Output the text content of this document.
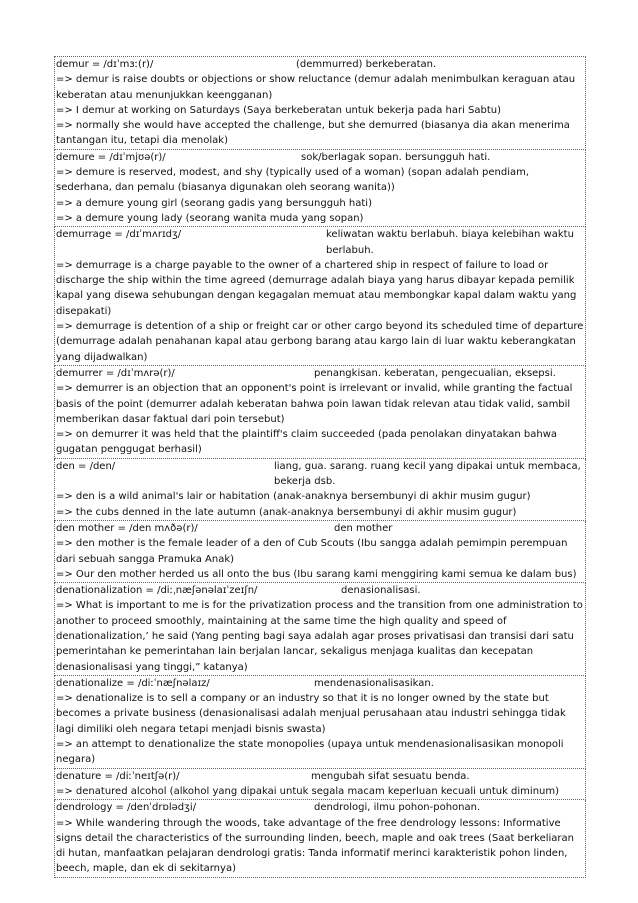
demur = /dɪˈmɜː(r)/	(demmurred) berkeberatan.
=> demur is raise doubts or objections or show reluctance (demur adalah menimbulkan keraguan atau keberatan atau menunjukkan keengganan)
=> I demur at working on Saturdays (Saya berkeberatan untuk bekerja pada hari Sabtu)
=> normally she would have accepted the challenge, but she demurred (biasanya dia akan menerima tantangan itu, tetapi dia menolak)
demure = /dɪˈmjʊə(r)/	sok/berlagak sopan. bersungguh hati.
=> demure is reserved, modest, and shy (typically used of a woman) (sopan adalah pendiam, sederhana, dan pemalu (biasanya digunakan oleh seorang wanita))
=> a demure young girl (seorang gadis yang bersungguh hati)
=> a demure young lady (seorang wanita muda yang sopan)
demurrage = /dɪˈmʌrɪdʒ/	keliwatan waktu berlabuh. biaya kelebihan waktu berlabuh.
=> demurrage is a charge payable to the owner of a chartered ship in respect of failure to load or discharge the ship within the time agreed (demurrage adalah biaya yang harus dibayar kepada pemilik kapal yang disewa sehubungan dengan kegagalan memuat atau membongkar kapal dalam waktu yang disepakati)
=> demurrage is detention of a ship or freight car or other cargo beyond its scheduled time of departure (demurrage adalah penahanan kapal atau gerbong barang atau kargo lain di luar waktu keberangkatan yang dijadwalkan)
demurrer = /dɪˈmʌrə(r)/	penangkisan. keberatan, pengecualian, eksepsi.
=> demurrer is an objection that an opponent's point is irrelevant or invalid, while granting the factual basis of the point (demurrer adalah keberatan bahwa poin lawan tidak relevan atau tidak valid, sambil memberikan dasar faktual dari poin tersebut)
=> on demurrer it was held that the plaintiff's claim succeeded (pada penolakan dinyatakan bahwa gugatan penggugat berhasil)
den = /den/	liang, gua. sarang. ruang kecil yang dipakai untuk membaca, bekerja dsb.
=> den is a wild animal's lair or habitation (anak-anaknya bersembunyi di akhir musim gugur)
=> the cubs denned in the late autumn (anak-anaknya bersembunyi di akhir musim gugur)
den mother = /den mʌðə(r)/	den mother
=> den mother is the female leader of a den of Cub Scouts (Ibu sangga adalah pemimpin perempuan dari sebuah sangga Pramuka Anak)
=> Our den mother herded us all onto the bus (Ibu sarang kami menggiring kami semua ke dalam bus)
denationalization = /diːˌnæʃənəlaɪˈzeɪʃn/	denasionalisasi.
=> What is important to me is for the privatization process and the transition from one administration to another to proceed smoothly, maintaining at the same time the high quality and speed of denationalization,’ he said (Yang penting bagi saya adalah agar proses privatisasi dan transisi dari satu pemerintahan ke pemerintahan lain berjalan lancar, sekaligus menjaga kualitas dan kecepatan denasionalisasi yang tinggi,” katanya)
denationalize = /diːˈnæʃnəlaɪz/	mendenasionalisasikan.
=> denationalize is to sell a company or an industry so that it is no longer owned by the state but becomes a private business (denasionalisasi adalah menjual perusahaan atau industri sehingga tidak lagi dimiliki oleh negara tetapi menjadi bisnis swasta)
=> an attempt to denationalize the state monopolies (upaya untuk mendenasionalisasikan monopoli negara)
denature = /diːˈneɪtʃə(r)/	mengubah sifat sesuatu benda.
=> denatured alcohol (alkohol yang dipakai untuk segala macam keperluan kecuali untuk diminum)
dendrology = /denˈdrɒlədʒi/	dendrologi, ilmu pohon-pohonan.
=> While wandering through the woods, take advantage of the free dendrology lessons: Informative signs detail the characteristics of the surrounding linden, beech, maple and oak trees (Saat berkeliaran di hutan, manfaatkan pelajaran dendrologi gratis: Tanda informatif merinci karakteristik pohon linden, beech, maple, dan ek di sekitarnya)
